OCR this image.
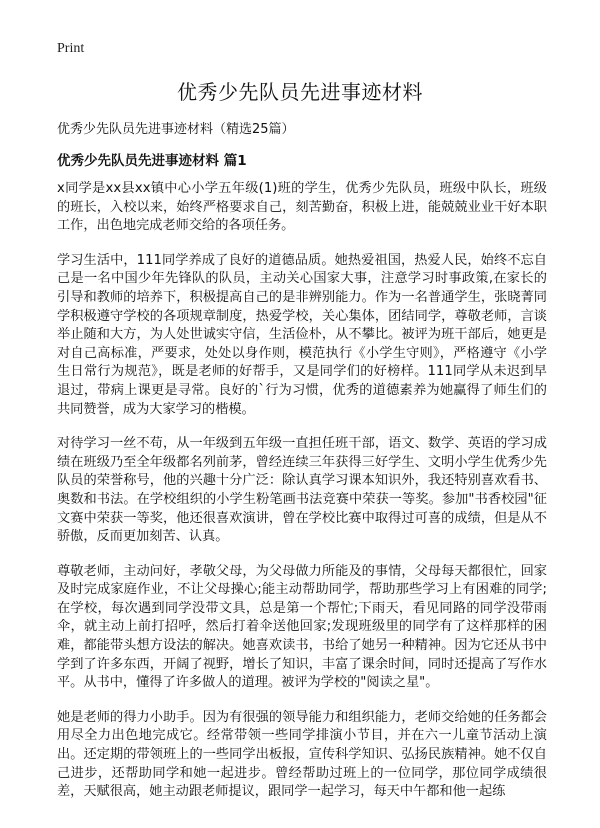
Print
优秀少先队员先进事迹材料

优秀少先队员先进事迹材料（精选25篇）

优秀少先队员先进事迹材料 篇1

x同学是xx县xx镇中心小学五年级(1)班的学生，优秀少先队员，班级中队长，班级的班长，入校以来，始终严格要求自己，刻苦勤奋，积极上进，能兢兢业业干好本职工作，出色地完成老师交给的各项任务。

学习生活中，111同学养成了良好的道德品质。她热爱祖国，热爱人民，始终不忘自己是一名中国少年先锋队的队员，主动关心国家大事，注意学习时事政策,在家长的引导和教师的培养下，积极提高自己的是非辨别能力。作为一名普通学生，张晓菁同学积极遵守学校的各项规章制度，热爱学校，关心集体，团结同学，尊敬老师，言谈举止随和大方，为人处世诚实守信，生活俭朴，从不攀比。被评为班干部后，她更是对自己高标准，严要求，处处以身作则，模范执行《小学生守则》，严格遵守《小学生日常行为规范》，既是老师的好帮手，又是同学们的好榜样。111同学从未迟到早退过，带病上课更是寻常。良好的`行为习惯，优秀的道德素养为她赢得了师生们的共同赞誉，成为大家学习的楷模。

对待学习一丝不苟，从一年级到五年级一直担任班干部，语文、数学、英语的学习成绩在班级乃至全年级都名列前茅，曾经连续三年获得三好学生、文明小学生优秀少先队员的荣誉称号，他的兴趣十分广泛：除认真学习课本知识外，我还特别喜欢看书、奥数和书法。在学校组织的小学生粉笔画书法竞赛中荣获一等奖。参加"书香校园"征文赛中荣获一等奖，他还很喜欢演讲，曾在学校比赛中取得过可喜的成绩，但是从不骄傲，反而更加刻苦、认真。

尊敬老师，主动问好，孝敬父母，为父母做力所能及的事情，父母每天都很忙，回家及时完成家庭作业，不让父母操心;能主动帮助同学，帮助那些学习上有困难的同学;在学校，每次遇到同学没带文具，总是第一个帮忙;下雨天，看见同路的同学没带雨伞，就主动上前打招呼，然后打着伞送他回家;发现班级里的同学有了这样那样的困难，都能带头想方设法的解决。她喜欢读书，书给了她另一种精神。因为它还从书中学到了许多东西，开阔了视野，增长了知识，丰富了课余时间，同时还提高了写作水平。从书中，懂得了许多做人的道理。被评为学校的"阅读之星"。

她是老师的得力小助手。因为有很强的领导能力和组织能力，老师交给她的任务都会用尽全力出色地完成它。经常带领一些同学排演小节目，并在六一儿童节活动上演出。还定期的带领班上的一些同学出板报，宣传科学知识、弘扬民族精神。她不仅自己进步，还帮助同学和她一起进步。曾经帮助过班上的一位同学，那位同学成绩很差，天赋很高，她主动跟老师提议，跟同学一起学习，每天中午都和他一起练
